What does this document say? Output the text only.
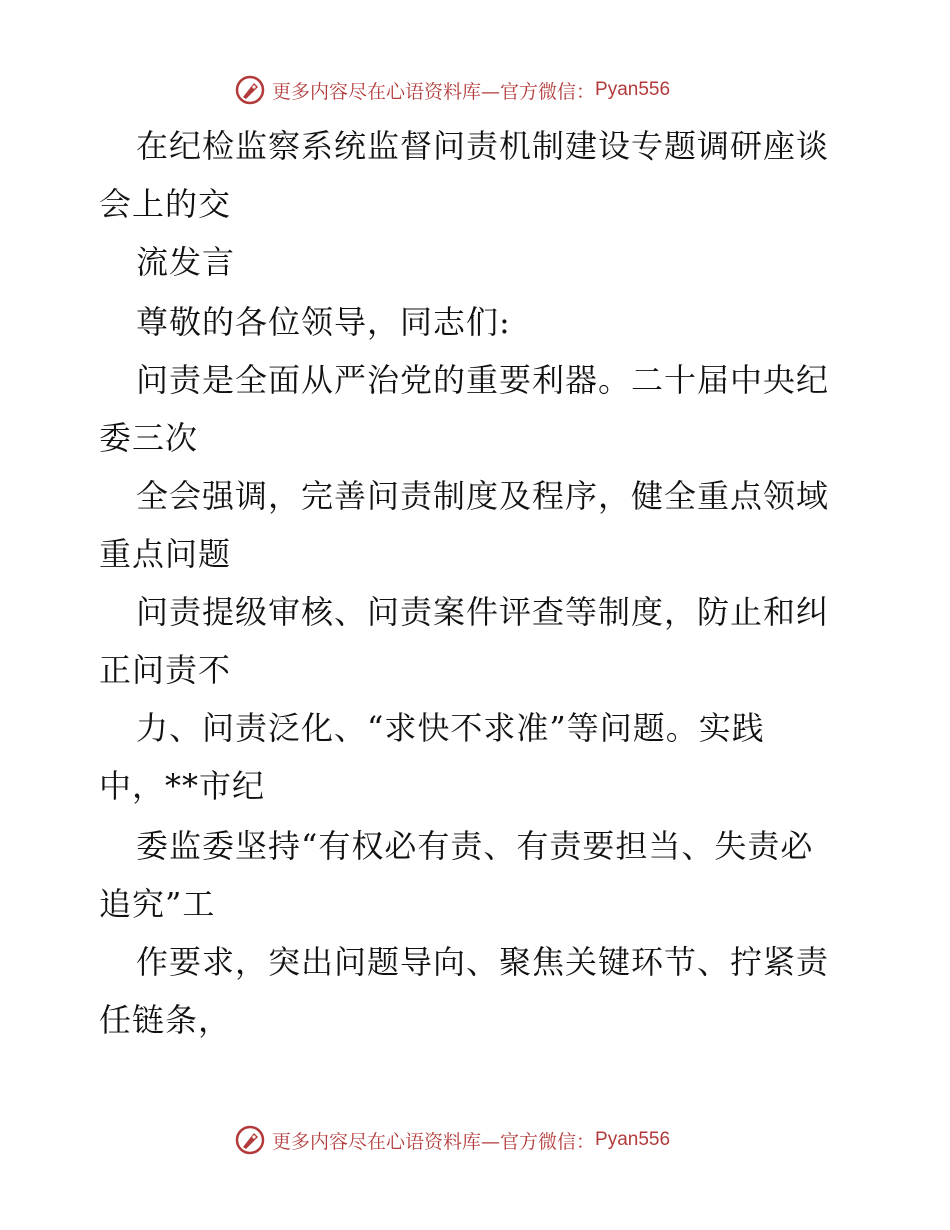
更多内容尽在心语资料库—官方微信： Pyan556
在纪检监察系统监督问责机制建设专题调研座谈
会上的交
流发言
尊敬的各位领导，同志们:
问责是全面从严治党的重要利器。二十届中央纪
委三次
全会强调，完善问责制度及程序，健全重点领域
重点问题
问责提级审核、问责案件评查等制度，防止和纠
正问责不
力、问责泛化、“求快不求准”等问题。实践
中，**市纪
委监委坚持“有权必有责、有责要担当、失责必
追究”工
作要求，突出问题导向、聚焦关键环节、拧紧责
任链条，
更多内容尽在心语资料库—官方微信： Pyan556
